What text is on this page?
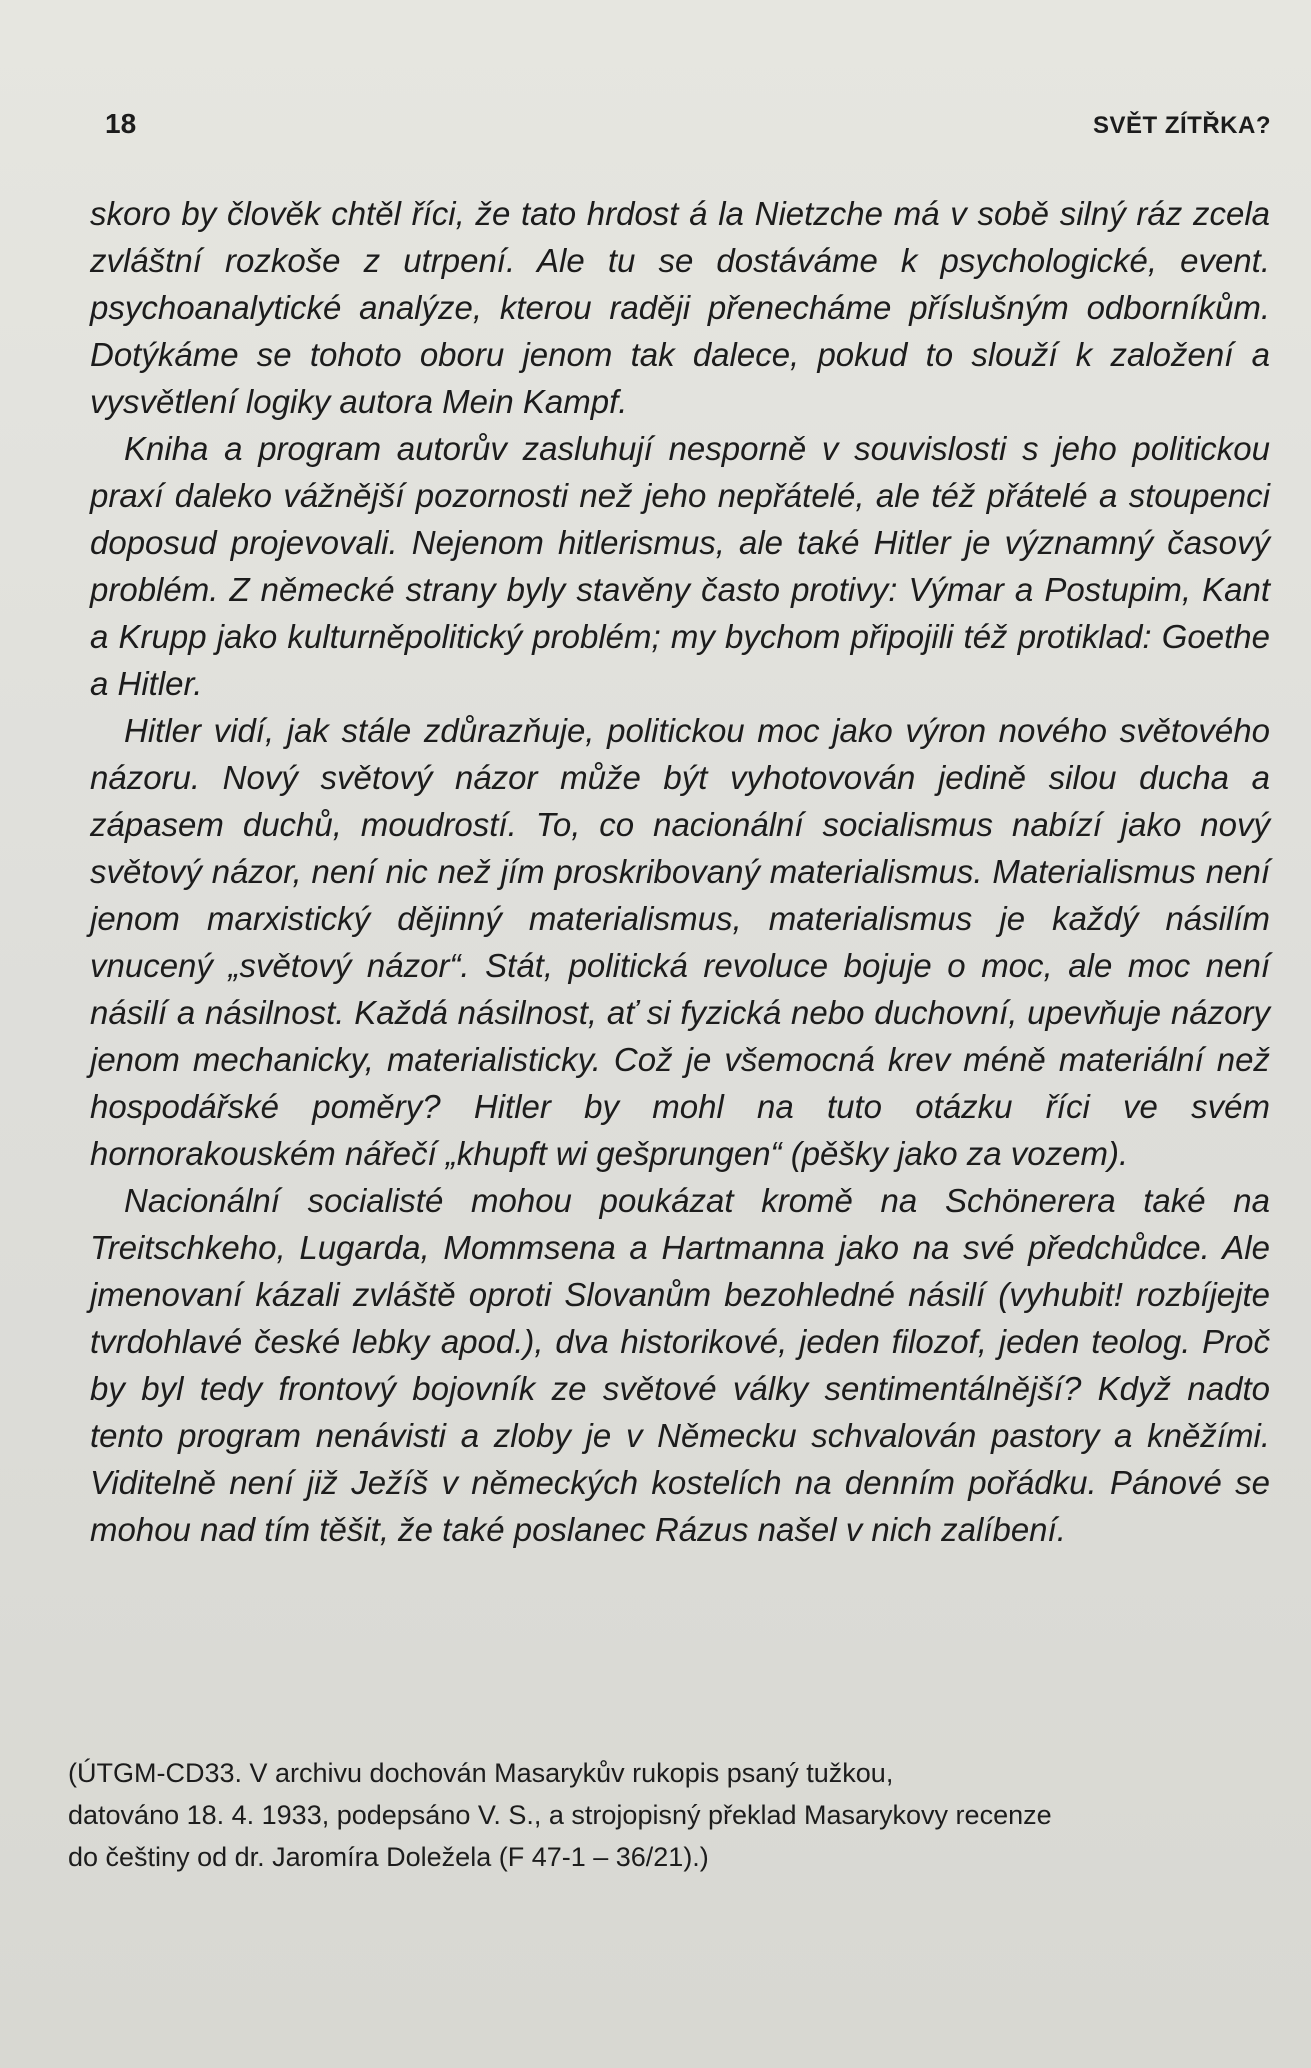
18	SVĚT ZÍTŘKA?

skoro by člověk chtěl říci, že tato hrdost á la Nietzche má v sobě silný ráz zcela zvláštní rozkoše z utrpení. Ale tu se dostáváme k psychologické, event. psychoanalytické analýze, kterou raději přenecháme příslušným odborníkům. Dotýkáme se tohoto oboru jenom tak dalece, pokud to slouží k založení a vysvětlení logiky autora Mein Kampf.

Kniha a program autorův zasluhují nesporně v souvislosti s jeho politickou praxí daleko vážnější pozornosti než jeho nepřátelé, ale též přátelé a stoupenci doposud projevovali. Nejenom hitlerismus, ale také Hitler je významný časový problém. Z německé strany byly stavěny často protivy: Výmar a Postupim, Kant a Krupp jako kulturněpolitický problém; my bychom připojili též protiklad: Goethe a Hitler.

Hitler vidí, jak stále zdůrazňuje, politickou moc jako výron nového světového názoru. Nový světový názor může být vyhotovován jedině silou ducha a zápasem duchů, moudrostí. To, co nacionální socialismus nabízí jako nový světový názor, není nic než jím proskribovaný materialismus. Materialismus není jenom marxistický dějinný materialismus, materialismus je každý násilím vnucený „světový názor“. Stát, politická revoluce bojuje o moc, ale moc není násilí a násilnost. Každá násilnost, ať si fyzická nebo duchovní, upevňuje názory jenom mechanicky, materialisticky. Což je všemocná krev méně materiální než hospodářské poměry? Hitler by mohl na tuto otázku říci ve svém hornorakouském nářečí „khupft wi gešprungen“ (pěšky jako za vozem).

Nacionální socialisté mohou poukázat kromě na Schönerera také na Treitschkeho, Lugarda, Mommsena a Hartmanna jako na své předchůdce. Ale jmenovaní kázali zvláště oproti Slovanům bezohledné násilí (vyhubit! rozbíjejte tvrdohlavé české lebky apod.), dva historikové, jeden filozof, jeden teolog. Proč by byl tedy frontový bojovník ze světové války sentimentálnější? Když nadto tento program nenávisti a zloby je v Německu schvalován pastory a kněžími. Viditelně není již Ježíš v německých kostelích na denním pořádku. Pánové se mohou nad tím těšit, že také poslanec Rázus našel v nich zalíbení.

(ÚTGM-CD33. V archivu dochován Masarykův rukopis psaný tužkou,
datováno 18. 4. 1933, podepsáno V. S., a strojopisný překlad Masarykovy recenze
do češtiny od dr. Jaromíra Doležela (F 47-1 – 36/21).)
